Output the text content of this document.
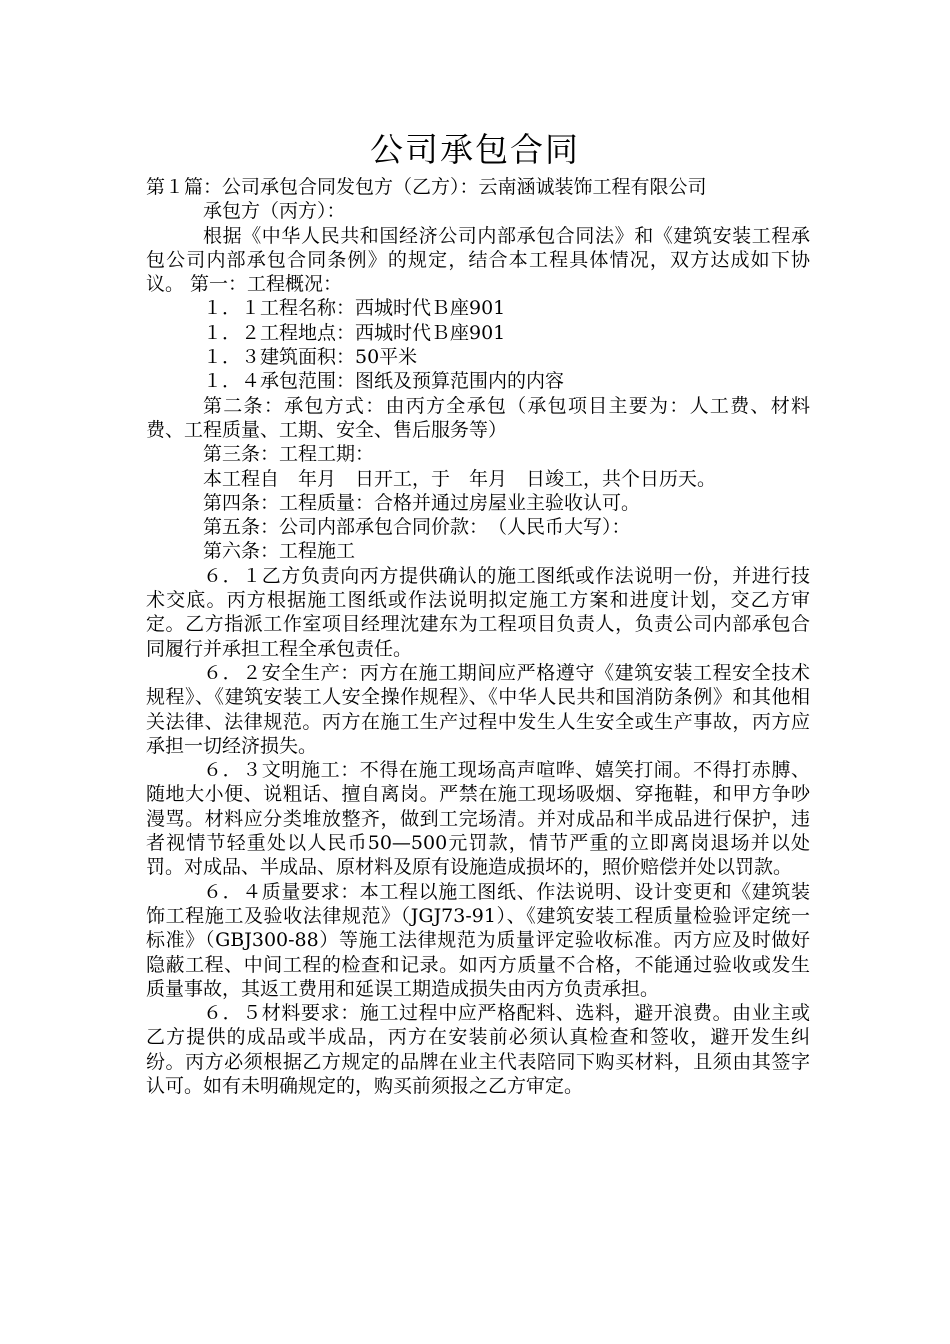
公司承包合同

第１篇：公司承包合同发包方（乙方）：云南涵诚装饰工程有限公司

承包方（丙方）：

根据《中华人民共和国经济公司内部承包合同法》和《建筑安装工程承包公司内部承包合同条例》的规定，结合本工程具体情况，双方达成如下协议。 第一：工程概况：

１．１工程名称：西城时代Ｂ座901

１．２工程地点：西城时代Ｂ座901

１．３建筑面积：50平米

１．４承包范围：图纸及预算范围内的内容

第二条：承包方式：由丙方全承包（承包项目主要为：人工费、材料费、工程质量、工期、安全、售后服务等）

第三条：工程工期：

本工程自　年月　日开工，于　年月　日竣工，共个日历天。

第四条：工程质量：合格并通过房屋业主验收认可。

第五条：公司内部承包合同价款：　（人民币大写）：

第六条：工程施工

６．１乙方负责向丙方提供确认的施工图纸或作法说明一份，并进行技术交底。丙方根据施工图纸或作法说明拟定施工方案和进度计划，交乙方审定。乙方指派工作室项目经理沈建东为工程项目负责人，负责公司内部承包合同履行并承担工程全承包责任。

６．２安全生产：丙方在施工期间应严格遵守《建筑安装工程安全技术规程》、《建筑安装工人安全操作规程》、《中华人民共和国消防条例》和其他相关法律、法律规范。丙方在施工生产过程中发生人生安全或生产事故，丙方应承担一切经济损失。

６．３文明施工：不得在施工现场高声喧哗、嬉笑打闹。不得打赤膊、随地大小便、说粗话、擅自离岗。严禁在施工现场吸烟、穿拖鞋，和甲方争吵漫骂。材料应分类堆放整齐，做到工完场清。并对成品和半成品进行保护，违者视情节轻重处以人民币50—500元罚款，情节严重的立即离岗退场并以处罚。对成品、半成品、原材料及原有设施造成损坏的，照价赔偿并处以罚款。

６．４质量要求：本工程以施工图纸、作法说明、设计变更和《建筑装饰工程施工及验收法律规范》（JGJ73-91）、《建筑安装工程质量检验评定统一标准》（GBJ300-88）等施工法律规范为质量评定验收标准。丙方应及时做好隐蔽工程、中间工程的检查和记录。如丙方质量不合格，不能通过验收或发生质量事故，其返工费用和延误工期造成损失由丙方负责承担。

６．５材料要求：施工过程中应严格配料、选料，避开浪费。由业主或乙方提供的成品或半成品，丙方在安装前必须认真检查和签收，避开发生纠纷。丙方必须根据乙方规定的品牌在业主代表陪同下购买材料，且须由其签字认可。如有未明确规定的，购买前须报之乙方审定。
